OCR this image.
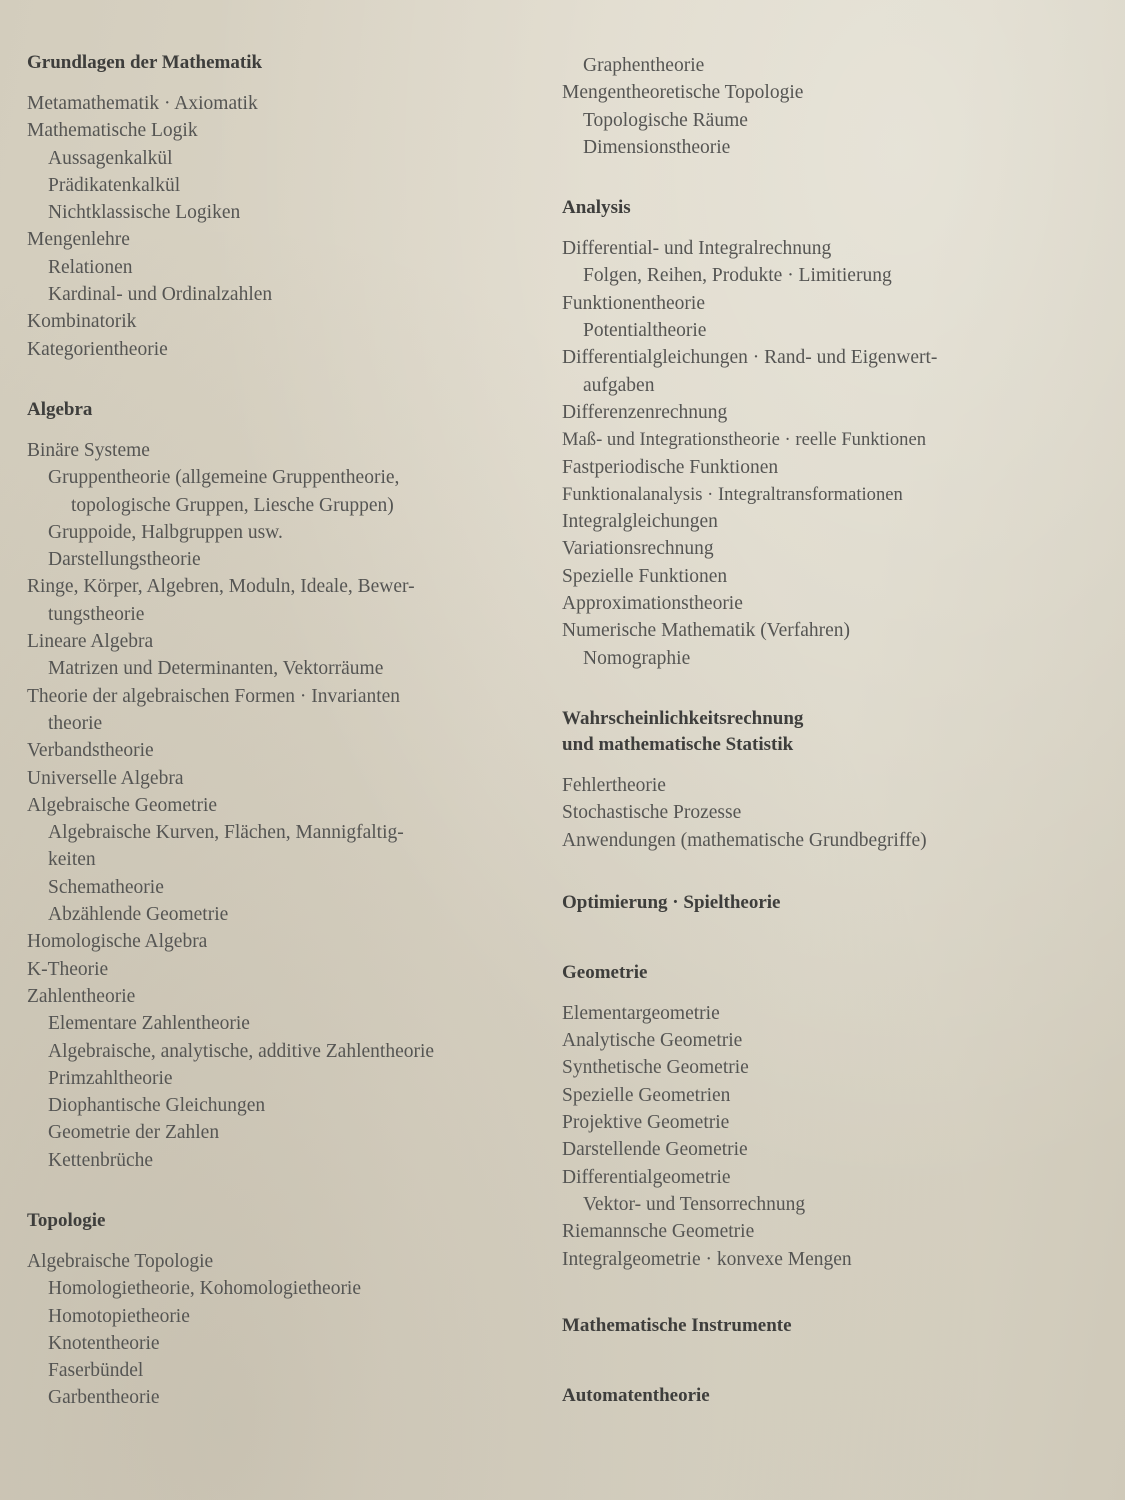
Grundlagen der Mathematik
Metamathematik · Axiomatik
Mathematische Logik
Aussagenkalkül
Prädikatenkalkül
Nichtklassische Logiken
Mengenlehre
Relationen
Kardinal- und Ordinalzahlen
Kombinatorik
Kategorientheorie
Algebra
Binäre Systeme
Gruppentheorie (allgemeine Gruppentheorie,
topologische Gruppen, Liesche Gruppen)
Gruppoide, Halbgruppen usw.
Darstellungstheorie
Ringe, Körper, Algebren, Moduln, Ideale, Bewer-
tungstheorie
Lineare Algebra
Matrizen und Determinanten, Vektorräume
Theorie der algebraischen Formen · Invarianten
theorie
Verbandstheorie
Universelle Algebra
Algebraische Geometrie
Algebraische Kurven, Flächen, Mannigfaltig-
keiten
Schematheorie
Abzählende Geometrie
Homologische Algebra
K-Theorie
Zahlentheorie
Elementare Zahlentheorie
Algebraische, analytische, additive Zahlentheorie
Primzahltheorie
Diophantische Gleichungen
Geometrie der Zahlen
Kettenbrüche
Topologie
Algebraische Topologie
Homologietheorie, Kohomologietheorie
Homotopietheorie
Knotentheorie
Faserbündel
Garbentheorie
Graphentheorie
Mengentheoretische Topologie
Topologische Räume
Dimensionstheorie
Analysis
Differential- und Integralrechnung
Folgen, Reihen, Produkte · Limitierung
Funktionentheorie
Potentialtheorie
Differentialgleichungen · Rand- und Eigenwert-
aufgaben
Differenzenrechnung
Maß- und Integrationstheorie · reelle Funktionen
Fastperiodische Funktionen
Funktionalanalysis · Integraltransformationen
Integralgleichungen
Variationsrechnung
Spezielle Funktionen
Approximationstheorie
Numerische Mathematik (Verfahren)
Nomographie
Wahrscheinlichkeitsrechnung
und mathematische Statistik
Fehlertheorie
Stochastische Prozesse
Anwendungen (mathematische Grundbegriffe)
Optimierung · Spieltheorie
Geometrie
Elementargeometrie
Analytische Geometrie
Synthetische Geometrie
Spezielle Geometrien
Projektive Geometrie
Darstellende Geometrie
Differentialgeometrie
Vektor- und Tensorrechnung
Riemannsche Geometrie
Integralgeometrie · konvexe Mengen
Mathematische Instrumente
Automatentheorie
